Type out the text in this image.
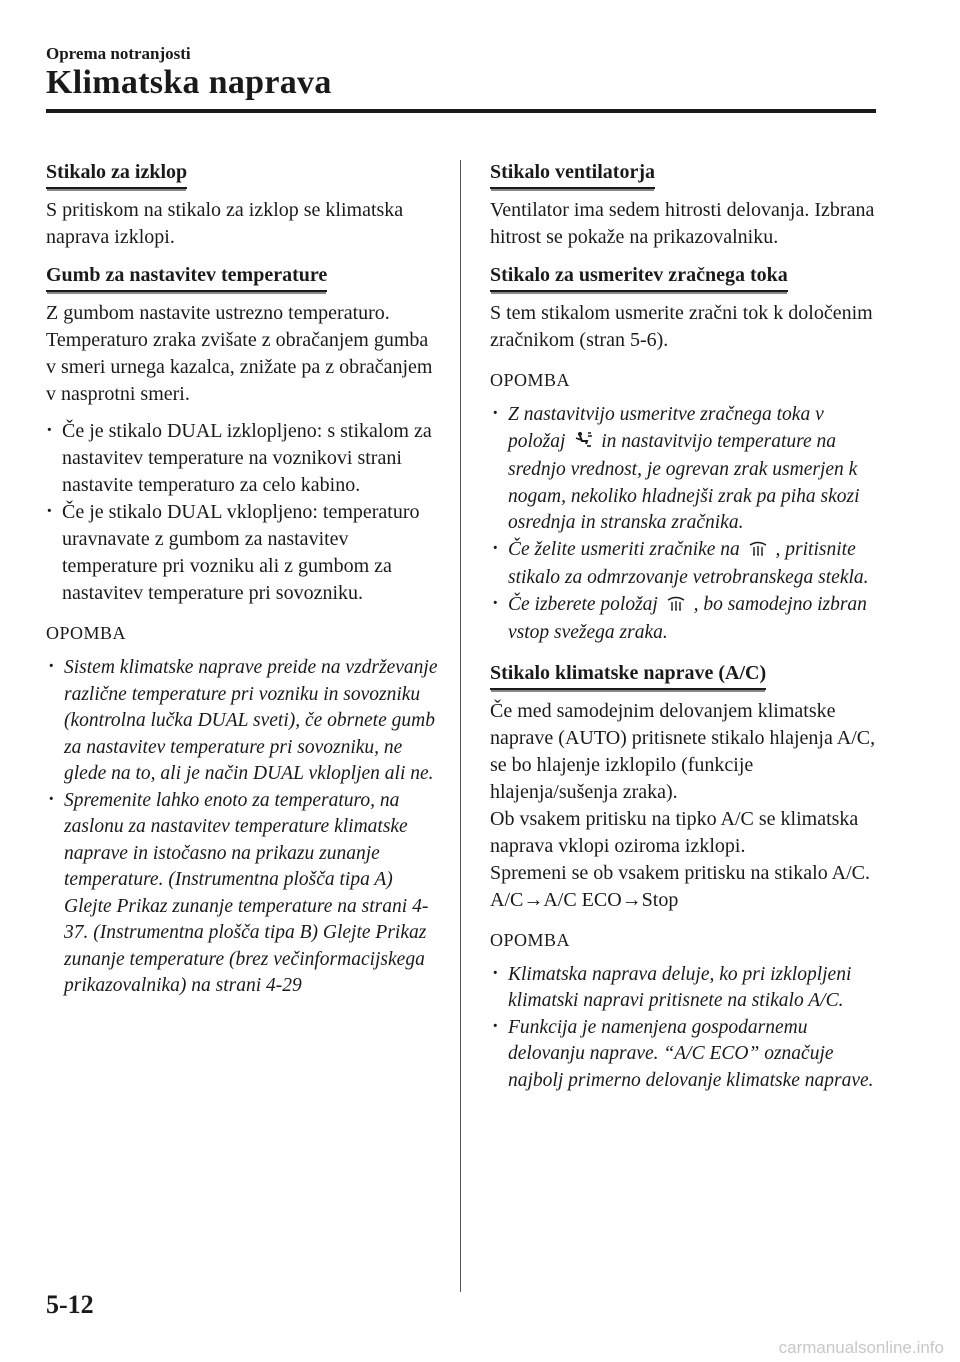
Oprema notranjosti
Klimatska naprava
Stikalo za izklop

S pritiskom na stikalo za izklop se klimatska naprava izklopi.

Gumb za nastavitev temperature

Z gumbom nastavite ustrezno temperaturo. Temperaturo zraka zvišate z obračanjem gumba v smeri urnega kazalca, znižate pa z obračanjem v nasprotni smeri.

· Če je stikalo DUAL izklopljeno: s stikalom za nastavitev temperature na voznikovi strani nastavite temperaturo za celo kabino.
· Če je stikalo DUAL vklopljeno: temperaturo uravnavate z gumbom za nastavitev temperature pri vozniku ali z gumbom za nastavitev temperature pri sovozniku.
OPOMBA
· Sistem klimatske naprave preide na vzdrževanje različne temperature pri vozniku in sovozniku (kontrolna lučka DUAL sveti), če obrnete gumb za nastavitev temperature pri sovozniku, ne glede na to, ali je način DUAL vklopljen ali ne.
· Spremenite lahko enoto za temperaturo, na zaslonu za nastavitev temperature klimatske naprave in istočasno na prikazu zunanje temperature. (Instrumentna plošča tipa A) Glejte Prikaz zunanje temperature na strani 4-37. (Instrumentna plošča tipa B) Glejte Prikaz zunanje temperature (brez večinformacijskega prikazovalnika) na strani 4-29
Stikalo ventilatorja

Ventilator ima sedem hitrosti delovanja. Izbrana hitrost se pokaže na prikazovalniku.

Stikalo za usmeritev zračnega toka

S tem stikalom usmerite zračni tok k določenim zračnikom (stran 5-6).

OPOMBA
· Z nastavitvijo usmeritve zračnega toka v položaj in nastavitvijo temperature na srednjo vrednost, je ogrevan zrak usmerjen k nogam, nekoliko hladnejši zrak pa piha skozi osrednja in stranska zračnika.
· Če želite usmeriti zračnike na , pritisnite stikalo za odmrzovanje vetrobranskega stekla.
· Če izberete položaj , bo samodejno izbran vstop svežega zraka.
Stikalo klimatske naprave (A/C)

Če med samodejnim delovanjem klimatske naprave (AUTO) pritisnete stikalo hlajenja A/C, se bo hlajenje izklopilo (funkcije hlajenja/sušenja zraka).

Ob vsakem pritisku na tipko A/C se klimatska naprava vklopi oziroma izklopi.

Spremeni se ob vsakem pritisku na stikalo A/C.

A/C→A/C ECO→Stop

OPOMBA
· Klimatska naprava deluje, ko pri izklopljeni klimatski napravi pritisnete na stikalo A/C.
· Funkcija je namenjena gospodarnemu delovanju naprave. “A/C ECO” označuje najbolj primerno delovanje klimatske naprave.
5-12
carmanualsonline.info
